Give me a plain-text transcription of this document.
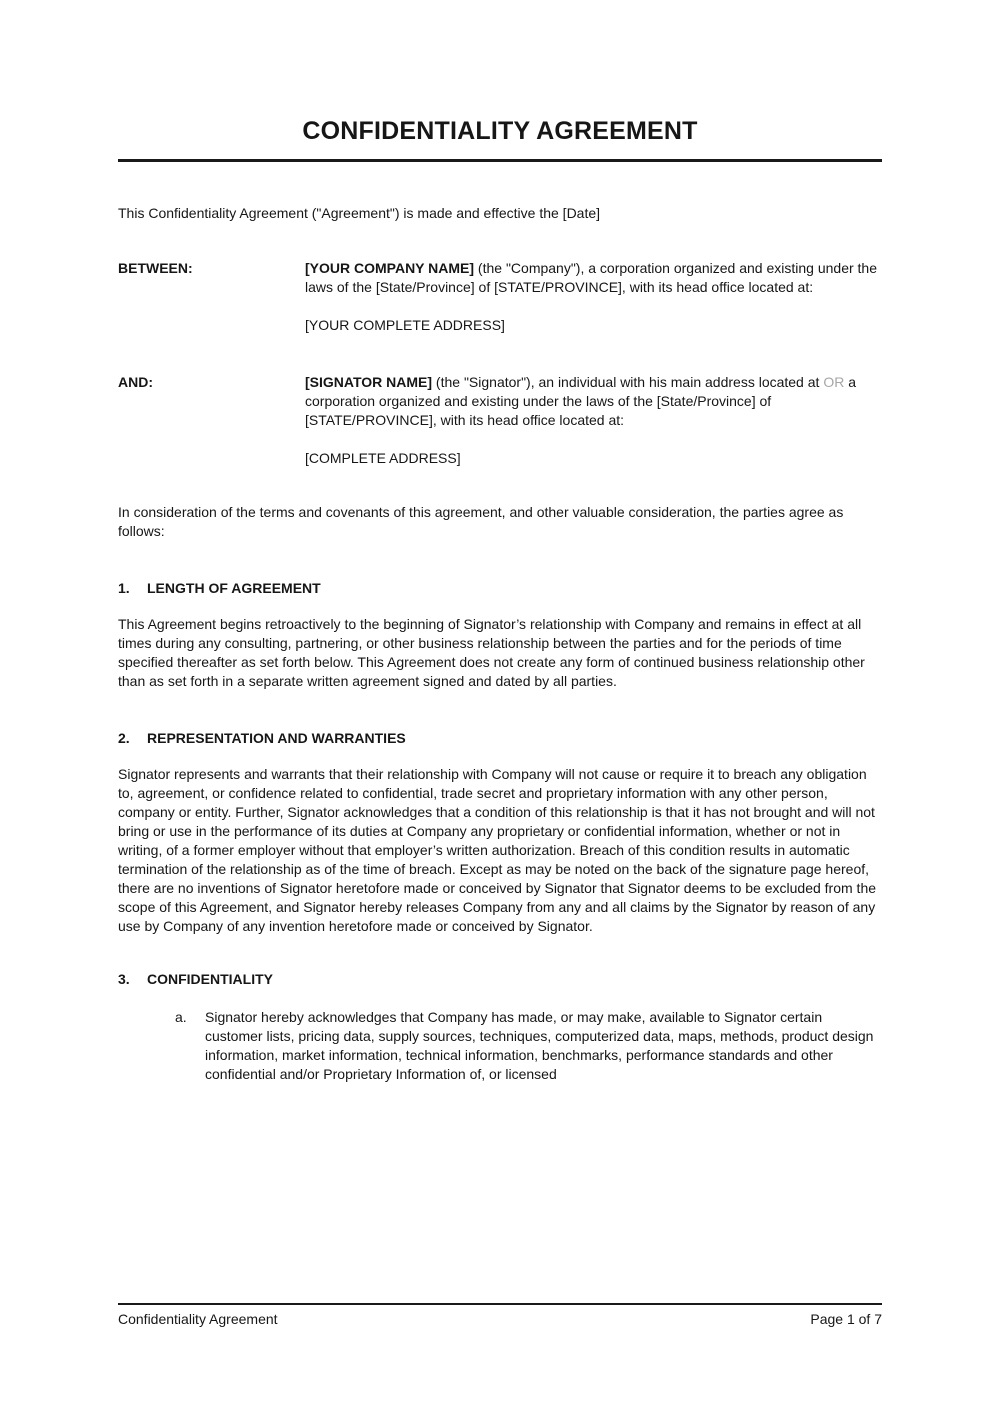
CONFIDENTIALITY AGREEMENT

This Confidentiality Agreement ("Agreement") is made and effective the [Date]

BETWEEN:	[YOUR COMPANY NAME] (the "Company"), a corporation organized and existing under the laws of the [State/Province] of [STATE/PROVINCE], with its head office located at:
[YOUR COMPLETE ADDRESS]
AND:	[SIGNATOR NAME] (the "Signator"), an individual with his main address located at OR a corporation organized and existing under the laws of the [State/Province] of [STATE/PROVINCE], with its head office located at:
[COMPLETE ADDRESS]

In consideration of the terms and covenants of this agreement, and other valuable consideration, the parties agree as follows:

1.	LENGTH OF AGREEMENT

This Agreement begins retroactively to the beginning of Signator’s relationship with Company and remains in effect at all times during any consulting, partnering, or other business relationship between the parties and for the periods of time specified thereafter as set forth below. This Agreement does not create any form of continued business relationship other than as set forth in a separate written agreement signed and dated by all parties.

2.	REPRESENTATION AND WARRANTIES

Signator represents and warrants that their relationship with Company will not cause or require it to breach any obligation to, agreement, or confidence related to confidential, trade secret and proprietary information with any other person, company or entity. Further, Signator acknowledges that a condition of this relationship is that it has not brought and will not bring or use in the performance of its duties at Company any proprietary or confidential information, whether or not in writing, of a former employer without that employer’s written authorization. Breach of this condition results in automatic termination of the relationship as of the time of breach. Except as may be noted on the back of the signature page hereof, there are no inventions of Signator heretofore made or conceived by Signator that Signator deems to be excluded from the scope of this Agreement, and Signator hereby releases Company from any and all claims by the Signator by reason of any use by Company of any invention heretofore made or conceived by Signator.

3.	CONFIDENTIALITY
a.	Signator hereby acknowledges that Company has made, or may make, available to Signator certain customer lists, pricing data, supply sources, techniques, computerized data, maps, methods, product design information, market information, technical information, benchmarks, performance standards and other confidential and/or Proprietary Information of, or licensed
Confidentiality Agreement	Page 1 of 7
